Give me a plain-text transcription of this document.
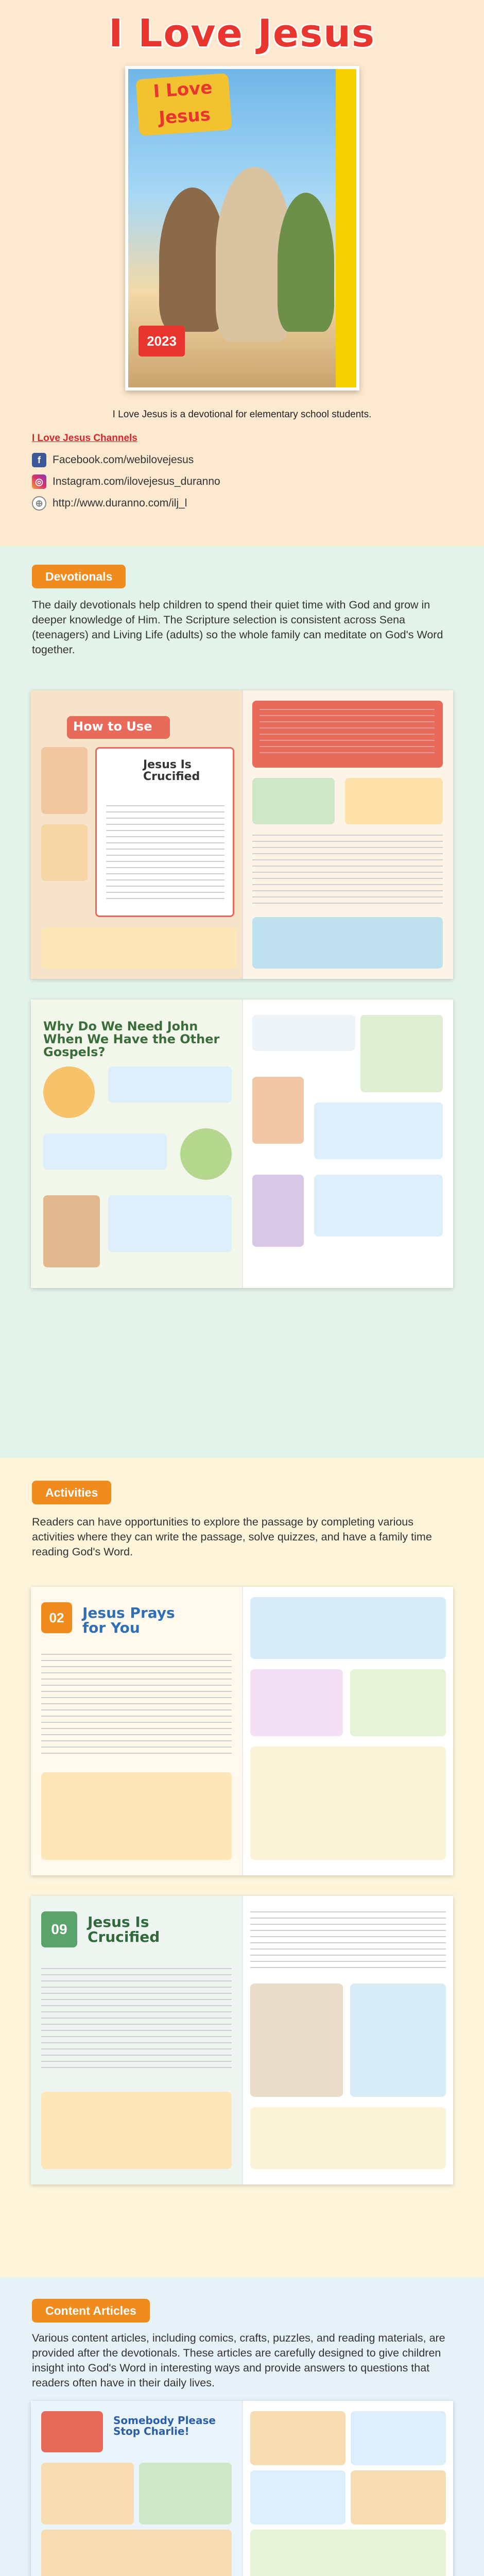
I Love Jesus
I Love Jesus
2023
I Love Jesus is a devotional for elementary school students.
I Love Jesus Channels
f	Facebook.com/webilovejesus
◎ Instagram.com/ilovejesus_duranno
⊕ http://www.duranno.com/ilj_l
Devotionals
The daily devotionals help children to spend their quiet time with God and grow in deeper knowledge of Him. The Scripture selection is consistent across Sena (teenagers) and Living Life (adults) so the whole family can meditate on God's Word together.
How to Use
Jesus Is Crucified
Why Do We Need John When We Have the Other Gospels?
Activities
Readers can have opportunities to explore the passage by completing various activities where they can write the passage, solve quizzes, and have a family time reading God's Word.
02	Jesus Prays for You
09	Jesus Is Crucified
Content Articles
Various content articles, including comics, crafts, puzzles, and reading materials, are provided after the devotionals. These articles are carefully designed to give children insight into God's Word in interesting ways and provide answers to questions that readers often have in their daily lives.
Somebody Please Stop Charlie!
